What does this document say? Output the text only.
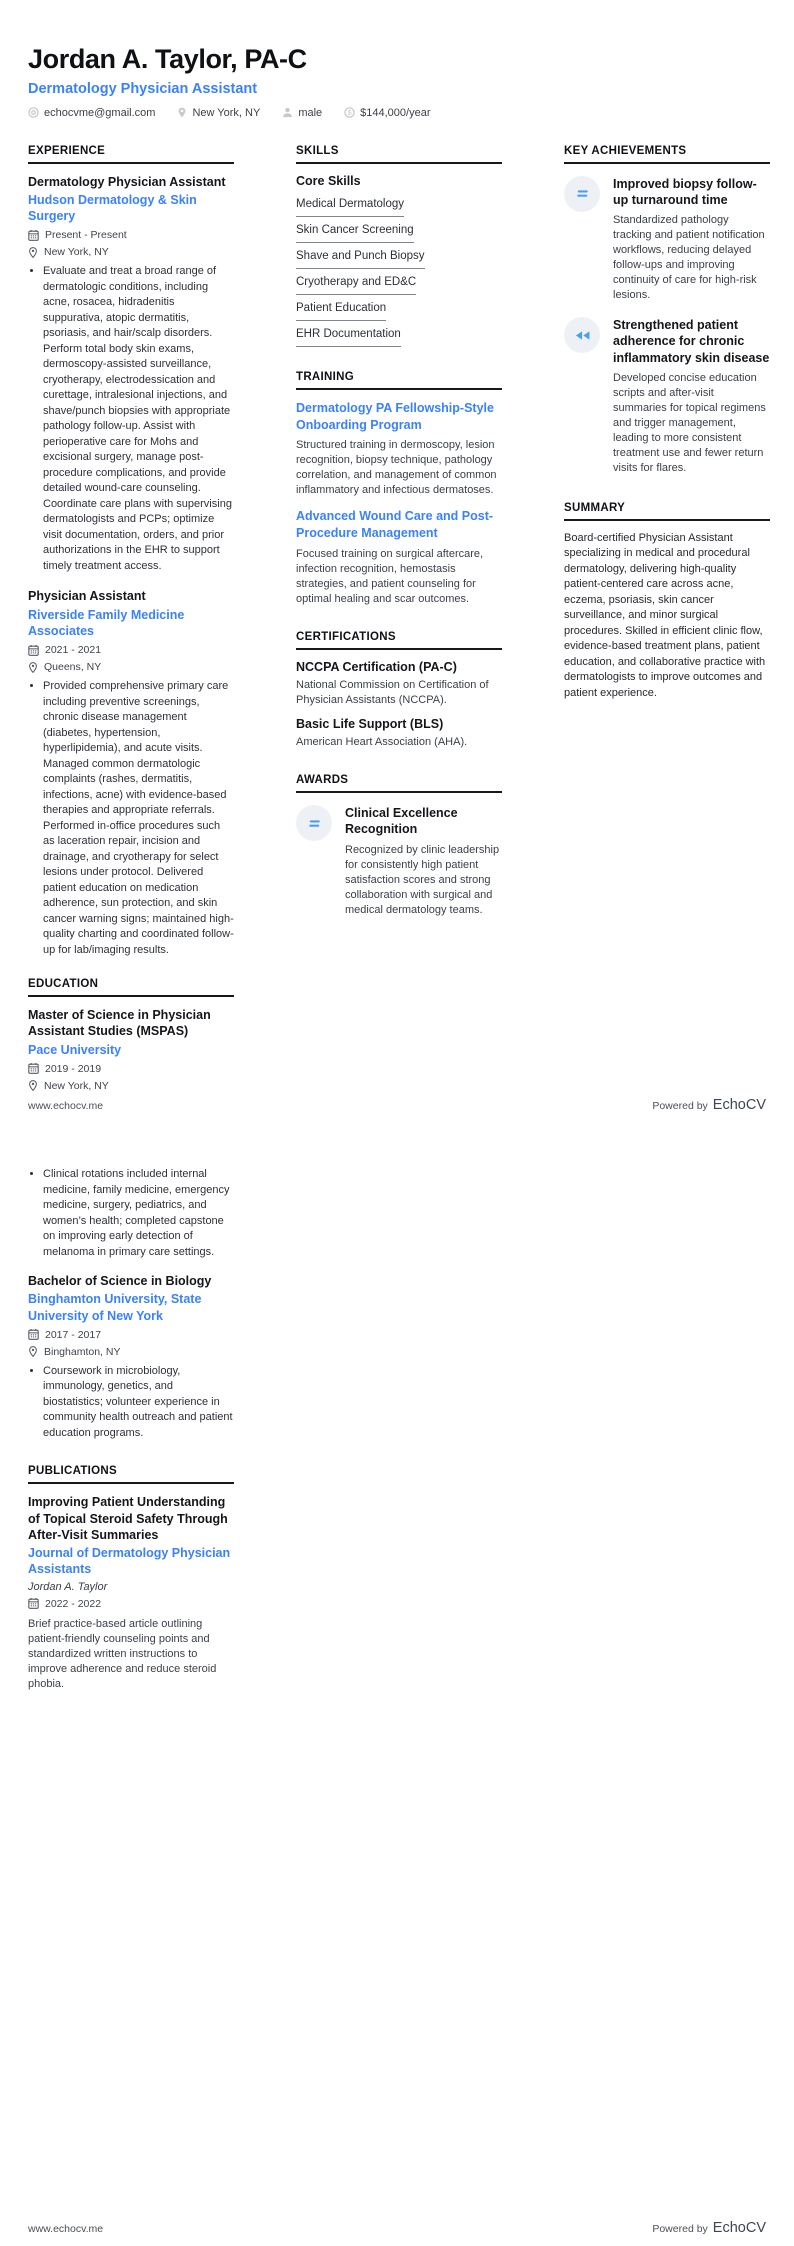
Jordan A. Taylor, PA-C
Dermatology Physician Assistant
echocvme@gmail.com	New York, NY	male	$ $144,000/year
EXPERIENCE
Dermatology Physician Assistant
Hudson Dermatology & Skin Surgery
Present - Present
New York, NY
• Evaluate and treat a broad range of dermatologic conditions, including acne, rosacea, hidradenitis suppurativa, atopic dermatitis, psoriasis, and hair/scalp disorders. Perform total body skin exams, dermoscopy-assisted surveillance, cryotherapy, electrodessication and curettage, intralesional injections, and shave/punch biopsies with appropriate pathology follow-up. Assist with perioperative care for Mohs and excisional surgery, manage post-procedure complications, and provide detailed wound-care counseling. Coordinate care plans with supervising dermatologists and PCPs; optimize visit documentation, orders, and prior authorizations in the EHR to support timely treatment access.
Physician Assistant
Riverside Family Medicine Associates
2021 - 2021
Queens, NY
• Provided comprehensive primary care including preventive screenings, chronic disease management (diabetes, hypertension, hyperlipidemia), and acute visits. Managed common dermatologic complaints (rashes, dermatitis, infections, acne) with evidence-based therapies and appropriate referrals. Performed in-office procedures such as laceration repair, incision and drainage, and cryotherapy for select lesions under protocol. Delivered patient education on medication adherence, sun protection, and skin cancer warning signs; maintained high-quality charting and coordinated follow-up for lab/imaging results.
EDUCATION
Master of Science in Physician Assistant Studies (MSPAS)
Pace University
2019 - 2019
New York, NY
SKILLS
Core Skills
Medical Dermatology
Skin Cancer Screening
Shave and Punch Biopsy
Cryotherapy and ED&C
Patient Education
EHR Documentation
TRAINING
Dermatology PA Fellowship-Style Onboarding Program
Structured training in dermoscopy, lesion recognition, biopsy technique, pathology correlation, and management of common inflammatory and infectious dermatoses.
Advanced Wound Care and Post-Procedure Management
Focused training on surgical aftercare, infection recognition, hemostasis strategies, and patient counseling for optimal healing and scar outcomes.
CERTIFICATIONS
NCCPA Certification (PA-C)
National Commission on Certification of Physician Assistants (NCCPA).
Basic Life Support (BLS)
American Heart Association (AHA).
AWARDS
Clinical Excellence Recognition
Recognized by clinic leadership for consistently high patient satisfaction scores and strong collaboration with surgical and medical dermatology teams.
KEY ACHIEVEMENTS
Improved biopsy follow-up turnaround time
Standardized pathology tracking and patient notification workflows, reducing delayed follow-ups and improving continuity of care for high-risk lesions.
Strengthened patient adherence for chronic inflammatory skin disease
Developed concise education scripts and after-visit summaries for topical regimens and trigger management, leading to more consistent treatment use and fewer return visits for flares.
SUMMARY
Board-certified Physician Assistant specializing in medical and procedural dermatology, delivering high-quality patient-centered care across acne, eczema, psoriasis, skin cancer surveillance, and minor surgical procedures. Skilled in efficient clinic flow, evidence-based treatment plans, patient education, and collaborative practice with dermatologists to improve outcomes and patient experience.
www.echocv.me	Powered by EchoCV
• Clinical rotations included internal medicine, family medicine, emergency medicine, surgery, pediatrics, and women’s health; completed capstone on improving early detection of melanoma in primary care settings.
Bachelor of Science in Biology
Binghamton University, State University of New York
2017 - 2017
Binghamton, NY
• Coursework in microbiology, immunology, genetics, and biostatistics; volunteer experience in community health outreach and patient education programs.
PUBLICATIONS
Improving Patient Understanding of Topical Steroid Safety Through After-Visit Summaries
Journal of Dermatology Physician Assistants
Jordan A. Taylor
2022 - 2022
Brief practice-based article outlining patient-friendly counseling points and standardized written instructions to improve adherence and reduce steroid phobia.
www.echocv.me	Powered by EchoCV
